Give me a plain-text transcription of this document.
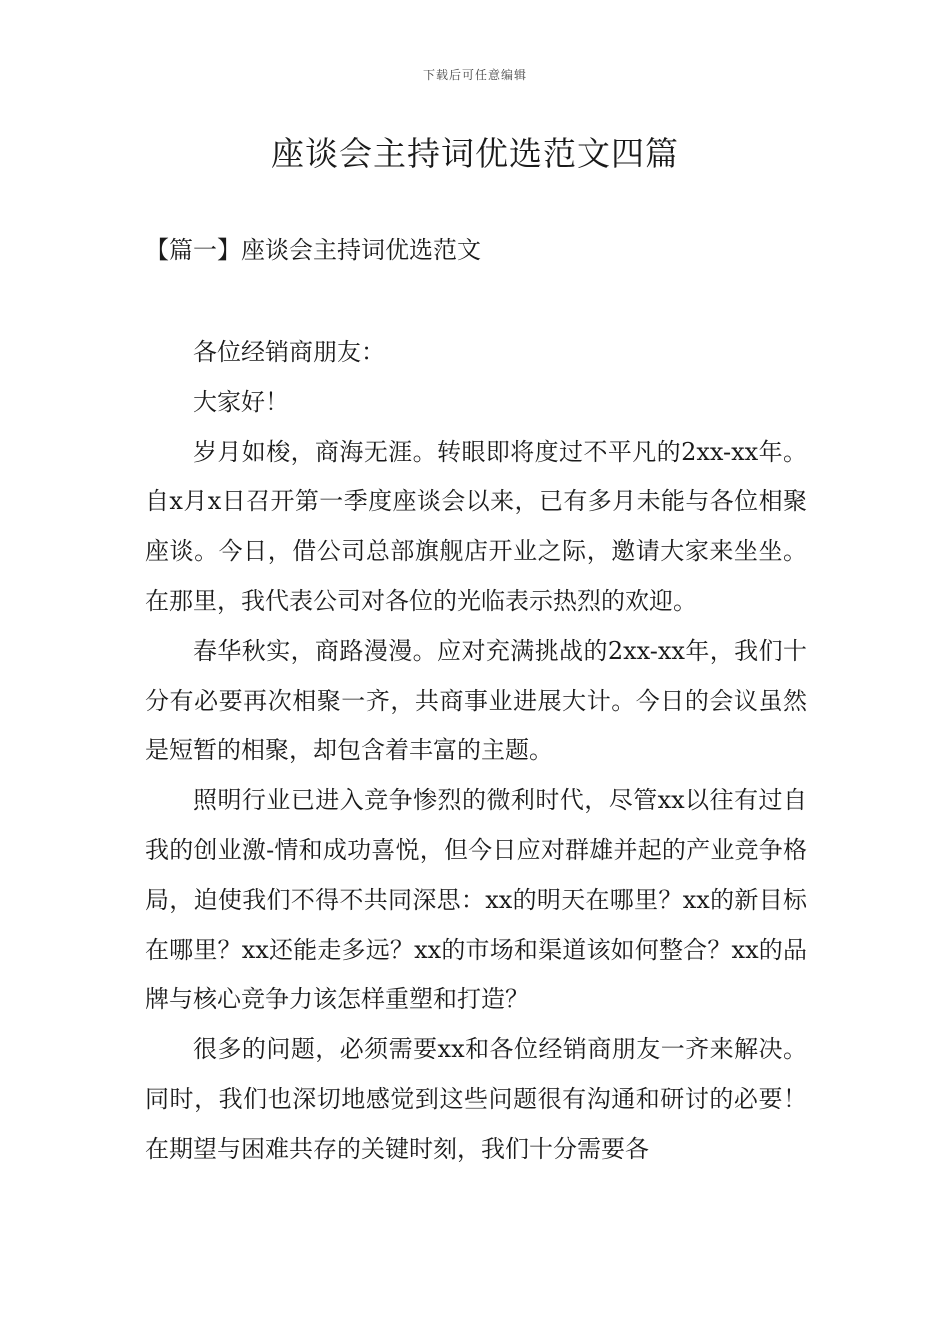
下载后可任意编辑
座谈会主持词优选范文四篇
【篇一】座谈会主持词优选范文
各位经销商朋友：
大家好！

岁月如梭，商海无涯。转眼即将度过不平凡的2xx-xx年。自x月x日召开第一季度座谈会以来，已有多月未能与各位相聚座谈。今日，借公司总部旗舰店开业之际，邀请大家来坐坐。在那里，我代表公司对各位的光临表示热烈的欢迎。

春华秋实，商路漫漫。应对充满挑战的2xx-xx年，我们十分有必要再次相聚一齐，共商事业进展大计。今日的会议虽然是短暂的相聚，却包含着丰富的主题。

照明行业已进入竞争惨烈的微利时代，尽管xx以往有过自我的创业激-情和成功喜悦，但今日应对群雄并起的产业竞争格局，迫使我们不得不共同深思：xx的明天在哪里？xx的新目标在哪里？xx还能走多远？xx的市场和渠道该如何整合？xx的品牌与核心竞争力该怎样重塑和打造？

很多的问题，必须需要xx和各位经销商朋友一齐来解决。同时，我们也深切地感觉到这些问题很有沟通和研讨的必要！在期望与困难共存的关键时刻，我们十分需要各
